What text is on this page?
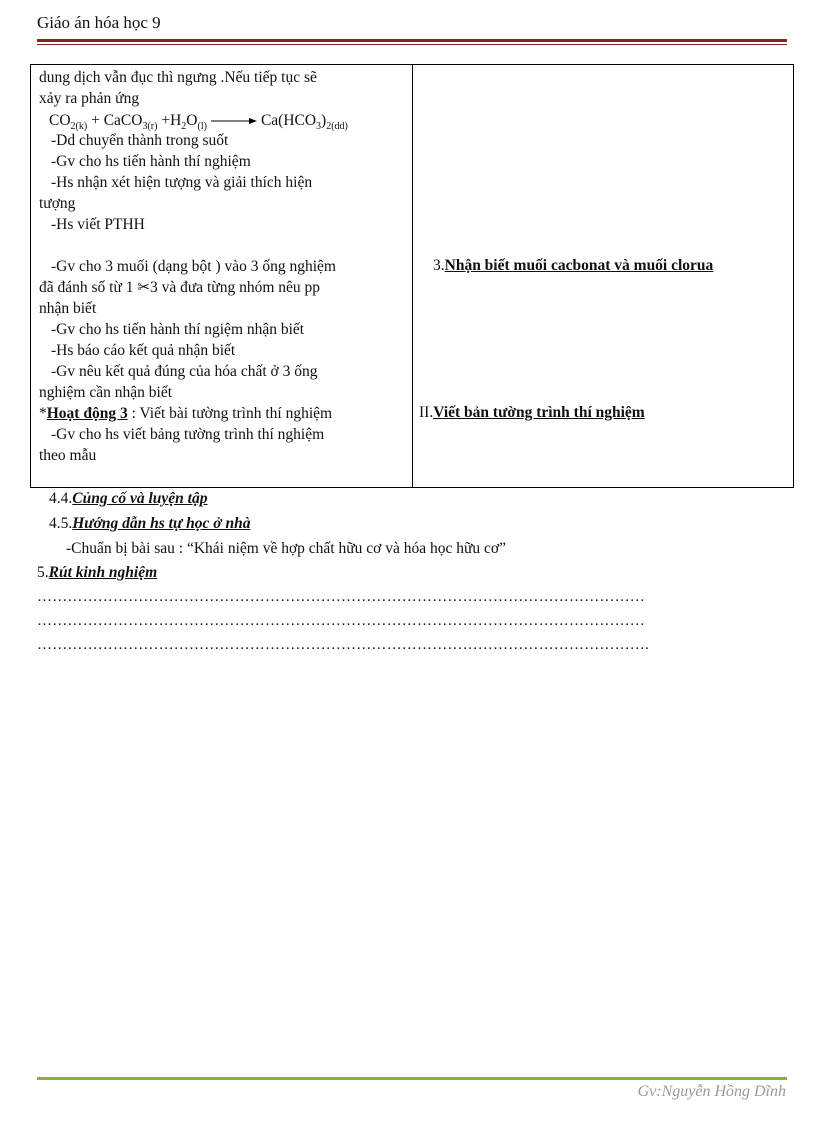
Giáo án hóa học 9
dung dịch vẫn đục thì ngưng .Nếu tiếp tục sẽ
xảy ra phản ứng
$CO_{2(k)}$ + CaCO$_{3(r)}$ $+H_2O_{(l)} \to Ca(HCO_3)_{2(dd)}$
-Dd chuyển thành trong suốt
-Gv cho hs tiến hành thí nghiệm
-Hs nhận xét hiện tượng và giải thích hiện
tượng
-Hs viết PTHH
-Gv cho 3 muối (dạng bột ) vào 3 ống nghiệm
đã đánh số từ 1 ✂3 và đưa từng nhóm nêu pp
nhận biết
-Gv cho hs tiến hành thí ngiệm nhận biết
-Hs báo cáo kết quả nhận biết
-Gv nêu kết quả đúng của hóa chất ở 3 ống
nghiệm cần nhận biết
*Hoạt động 3 : Viết bài tường trình thí nghiệm
-Gv cho hs viết bảng tường trình thí nghiệm
theo mẫu
3.Nhận biết muối cacbonat và muối clorua
II.Viết bản tường trình thí nghiệm
4.4.Củng cố và luyện tập
4.5.Hướng dẫn hs tự học ở nhà
-Chuẩn bị bài sau : “Khái niệm về hợp chất hữu cơ và hóa học hữu cơ”
5.Rút kinh nghiệm
…………………………………………………………………………………………………………
…………………………………………………………………………………………………………
………………………………………………………………………………………………………….
Gv:Nguyễn Hồng Dĩnh
